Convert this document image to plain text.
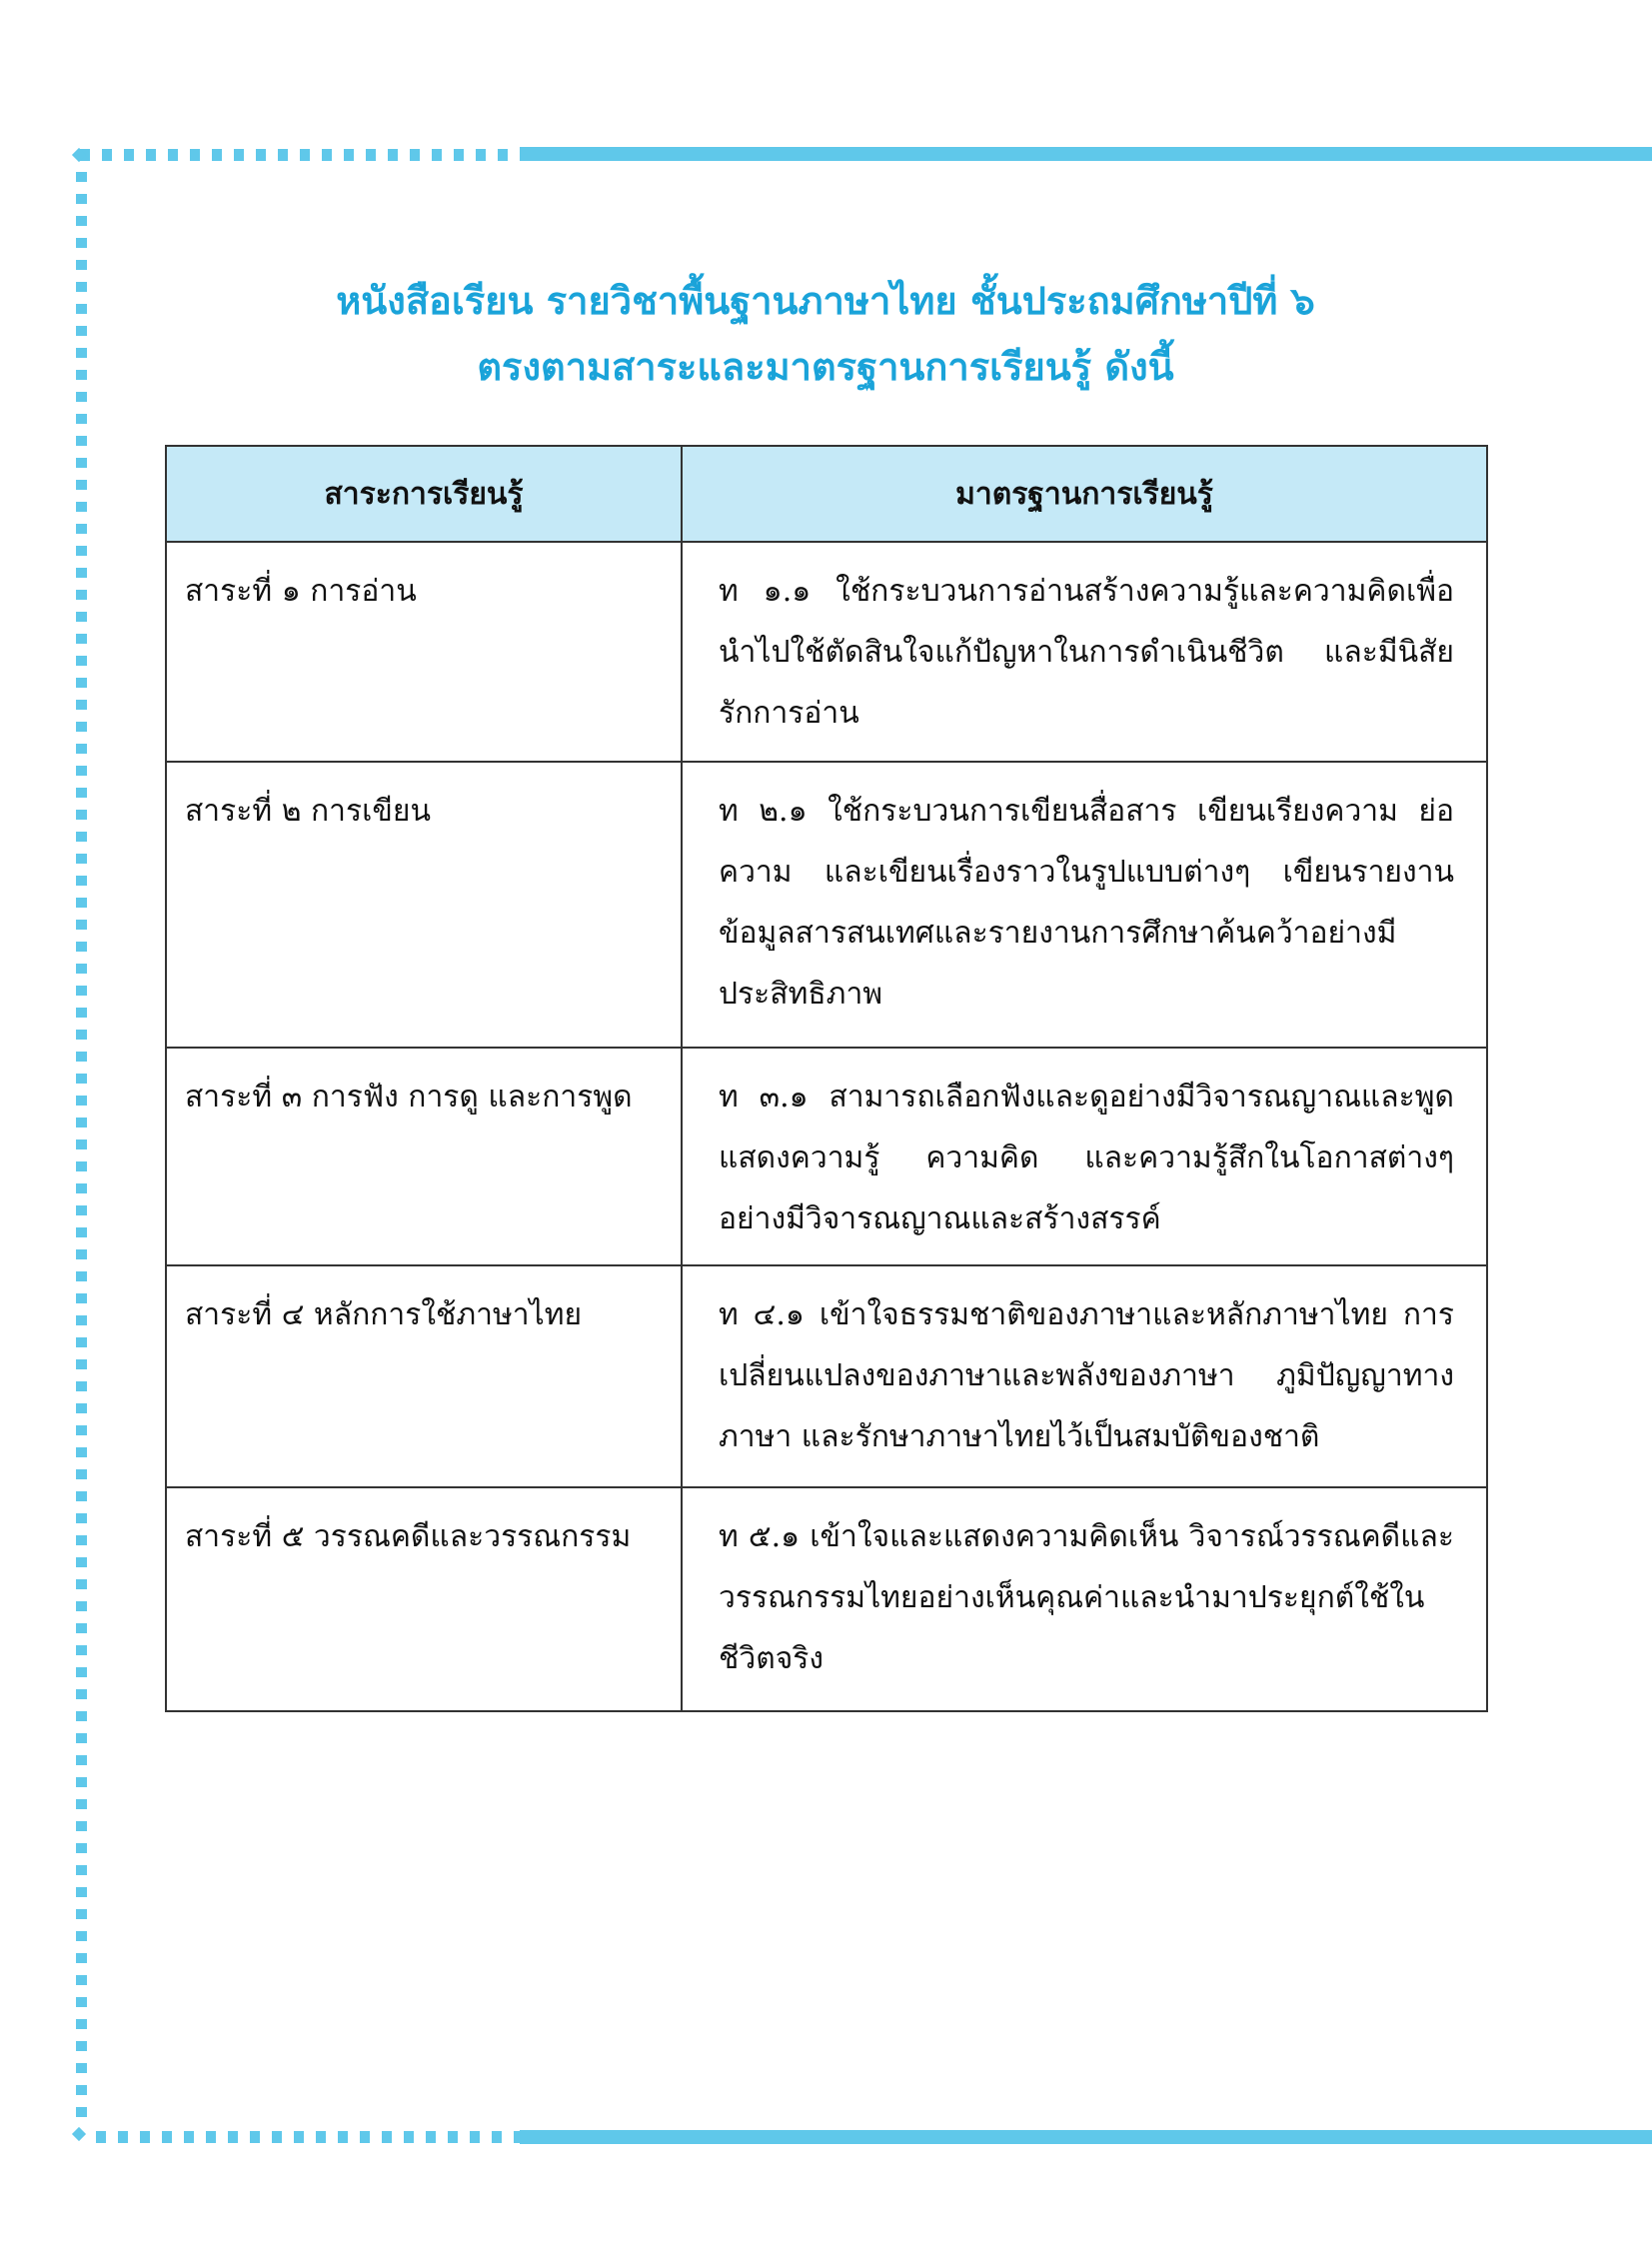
หนังสือเรียน รายวิชาพื้นฐานภาษาไทย ชั้นประถมศึกษาปีที่ ๖
ตรงตามสาระและมาตรฐานการเรียนรู้ ดังนี้
สาระการเรียนรู้	มาตรฐานการเรียนรู้
สาระที่ ๑ การอ่าน	ท ๑.๑ ใช้กระบวนการอ่านสร้างความรู้และความคิดเพื่อนำไปใช้ตัดสินใจแก้ปัญหาในการดำเนินชีวิต และมีนิสัยรักการอ่าน
สาระที่ ๒ การเขียน	ท ๒.๑ ใช้กระบวนการเขียนสื่อสาร เขียนเรียงความ ย่อความ และเขียนเรื่องราวในรูปแบบต่างๆ เขียนรายงานข้อมูลสารสนเทศและรายงานการศึกษาค้นคว้าอย่างมีประสิทธิภาพ
สาระที่ ๓ การฟัง การดู และการพูด	ท ๓.๑ สามารถเลือกฟังและดูอย่างมีวิจารณญาณและพูดแสดงความรู้ ความคิด และความรู้สึกในโอกาสต่างๆ อย่างมีวิจารณญาณและสร้างสรรค์
สาระที่ ๔ หลักการใช้ภาษาไทย	ท ๔.๑ เข้าใจธรรมชาติของภาษาและหลักภาษาไทย การเปลี่ยนแปลงของภาษาและพลังของภาษา ภูมิปัญญาทางภาษา และรักษาภาษาไทยไว้เป็นสมบัติของชาติ
สาระที่ ๕ วรรณคดีและวรรณกรรม	ท ๕.๑ เข้าใจและแสดงความคิดเห็น วิจารณ์วรรณคดีและวรรณกรรมไทยอย่างเห็นคุณค่าและนำมาประยุกต์ใช้ในชีวิตจริง
